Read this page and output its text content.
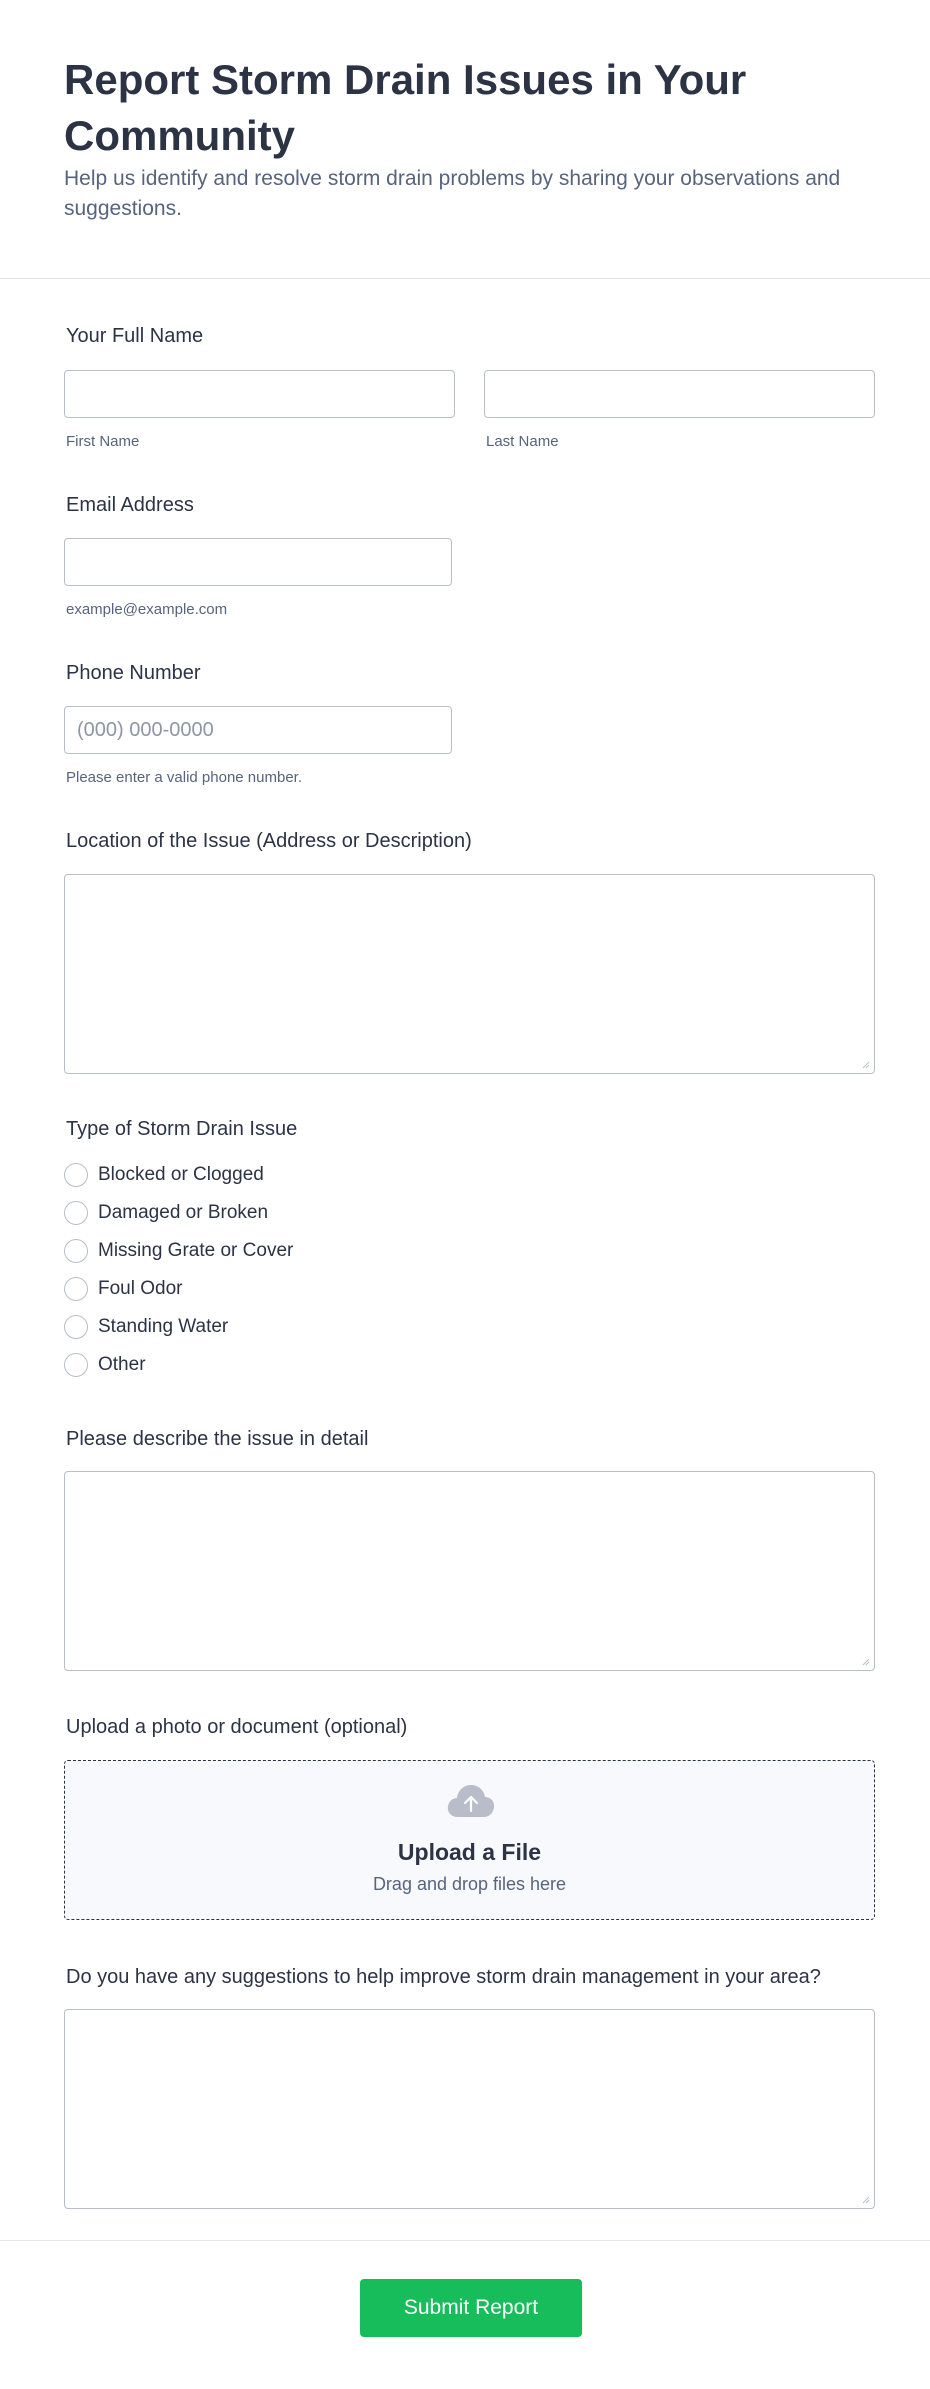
Report Storm Drain Issues in Your Community

Help us identify and resolve storm drain problems by sharing your observations and suggestions.

Your Full Name
First Name	Last Name
Email Address
example@example.com
Phone Number
(000) 000-0000
Please enter a valid phone number.
Location of the Issue (Address or Description)
Type of Storm Drain Issue
Blocked or Clogged
Damaged or Broken
Missing Grate or Cover
Foul Odor
Standing Water
Other
Please describe the issue in detail
Upload a photo or document (optional)
Upload a File
Drag and drop files here
Do you have any suggestions to help improve storm drain management in your area?
Submit Report
